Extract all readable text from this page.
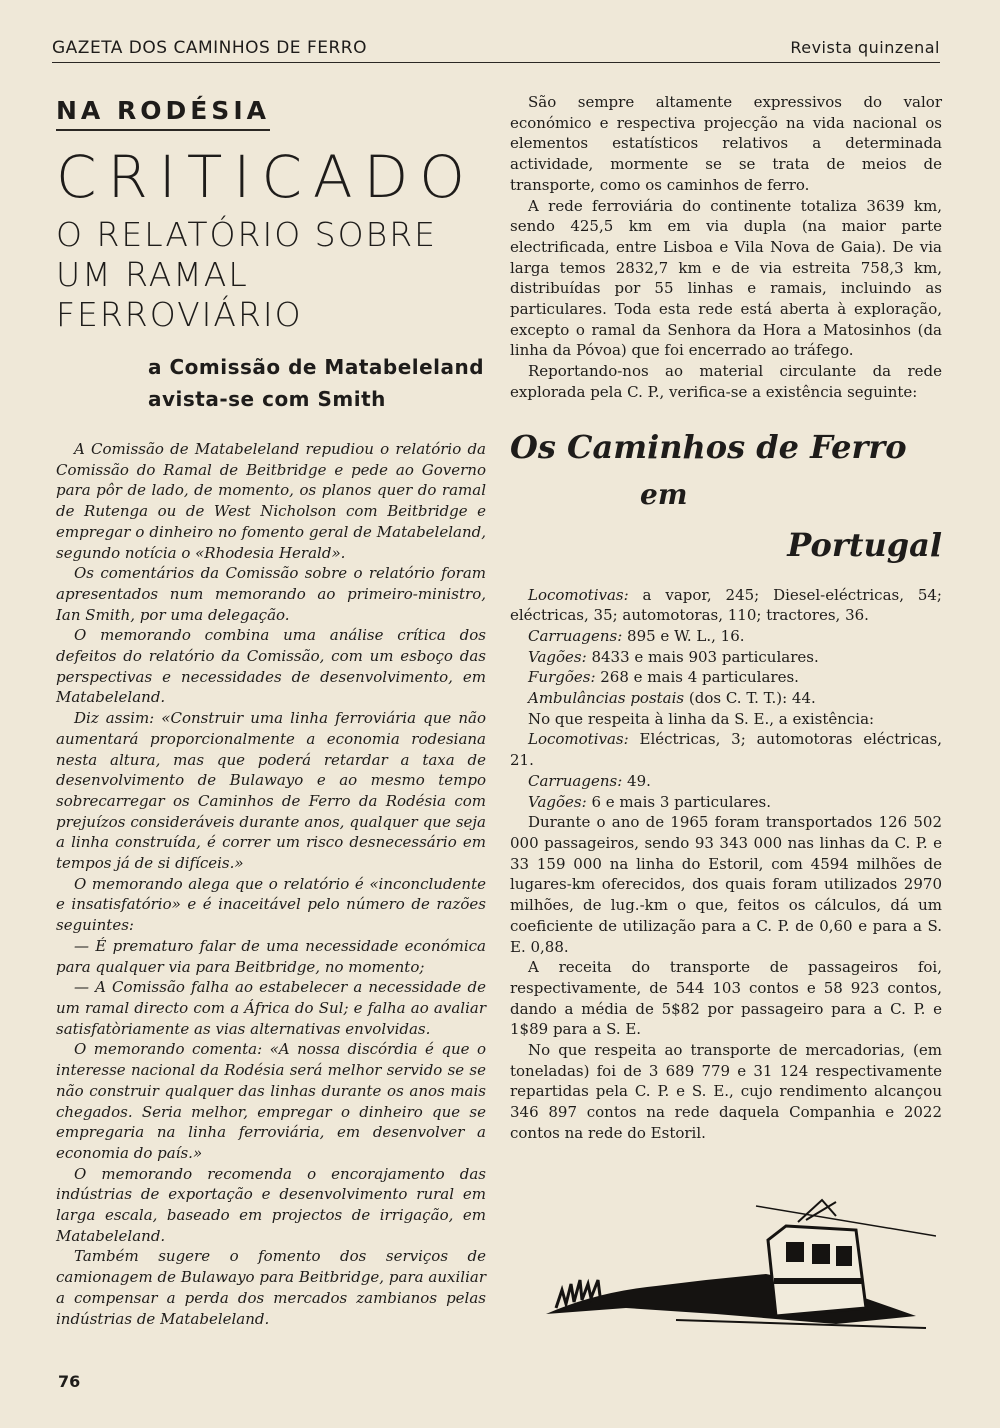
GAZETA DOS CAMINHOS DE FERRO	Revista quinzenal
NA RODÉSIA
CRITICADO
O RELATÓRIO SOBRE
UM RAMAL FERROVIÁRIO
a Comissão de Matabeleland
avista-se com Smith

A Comissão de Matabeleland repudiou o relatório da Comissão do Ramal de Beitbridge e pede ao Governo para pôr de lado, de momento, os planos quer do ramal de Rutenga ou de West Nicholson com Beitbridge e empregar o dinheiro no fomento geral de Matabeleland, segundo notícia o «Rhodesia Herald».

Os comentários da Comissão sobre o relatório foram apresentados num memorando ao primeiro-ministro, Ian Smith, por uma delegação.

O memorando combina uma análise crítica dos defeitos do relatório da Comissão, com um esboço das perspectivas e necessidades de desenvolvimento, em Matabeleland.

Diz assim: «Construir uma linha ferroviária que não aumentará proporcionalmente a economia rodesiana nesta altura, mas que poderá retardar a taxa de desenvolvimento de Bulawayo e ao mesmo tempo sobrecarregar os Caminhos de Ferro da Rodésia com prejuízos consideráveis durante anos, qualquer que seja a linha construída, é correr um risco desnecessário em tempos já de si difíceis.»

O memorando alega que o relatório é «inconcludente e insatisfatório» e é inaceitável pelo número de razões seguintes:

— É prematuro falar de uma necessidade económica para qualquer via para Beitbridge, no momento;

— A Comissão falha ao estabelecer a necessidade de um ramal directo com a África do Sul; e falha ao avaliar satisfatòriamente as vias alternativas envolvidas.

O memorando comenta: «A nossa discórdia é que o interesse nacional da Rodésia será melhor servido se se não construir qualquer das linhas durante os anos mais chegados. Seria melhor, empregar o dinheiro que se empregaria na linha ferroviária, em desenvolver a economia do país.»

O memorando recomenda o encorajamento das indústrias de exportação e desenvolvimento rural em larga escala, baseado em projectos de irrigação, em Matabeleland.

Também sugere o fomento dos serviços de camionagem de Bulawayo para Beitbridge, para auxiliar a compensar a perda dos mercados zambianos pelas indústrias de Matabeleland.

São sempre altamente expressivos do valor económico e respectiva projecção na vida nacional os elementos estatísticos relativos a determinada actividade, mormente se se trata de meios de transporte, como os caminhos de ferro.

A rede ferroviária do continente totaliza 3639 km, sendo 425,5 km em via dupla (na maior parte electrificada, entre Lisboa e Vila Nova de Gaia). De via larga temos 2832,7 km e de via estreita 758,3 km, distribuídas por 55 linhas e ramais, incluindo as particulares. Toda esta rede está aberta à exploração, excepto o ramal da Senhora da Hora a Matosinhos (da linha da Póvoa) que foi encerrado ao tráfego.

Reportando-nos ao material circulante da rede explorada pela C. P., verifica-se a existência seguinte:

Os Caminhos de Ferro
em
Portugal

Locomotivas: a vapor, 245; Diesel-eléctricas, 54; eléctricas, 35; automotoras, 110; tractores, 36.

Carruagens: 895 e W. L., 16.

Vagões: 8433 e mais 903 particulares.

Furgões: 268 e mais 4 particulares.

Ambulâncias postais (dos C. T. T.): 44.

No que respeita à linha da S. E., a existência:

Locomotivas: Eléctricas, 3; automotoras eléctricas, 21.

Carruagens: 49.

Vagões: 6 e mais 3 particulares.

Durante o ano de 1965 foram transportados 126 502 000 passageiros, sendo 93 343 000 nas linhas da C. P. e 33 159 000 na linha do Estoril, com 4594 milhões de lugares-km oferecidos, dos quais foram utilizados 2970 milhões, de lug.-km o que, feitos os cálculos, dá um coeficiente de utilização para a C. P. de 0,60 e para a S. E. 0,88.

A receita do transporte de passageiros foi, respectivamente, de 544 103 contos e 58 923 contos, dando a média de 5$82 por passageiro para a C. P. e 1$89 para a S. E.

No que respeita ao transporte de mercadorias, (em toneladas) foi de 3 689 779 e 31 124 respectivamente repartidas pela C. P. e S. E., cujo rendimento alcançou 346 897 contos na rede daquela Companhia e 2022 contos na rede do Estoril.

76
